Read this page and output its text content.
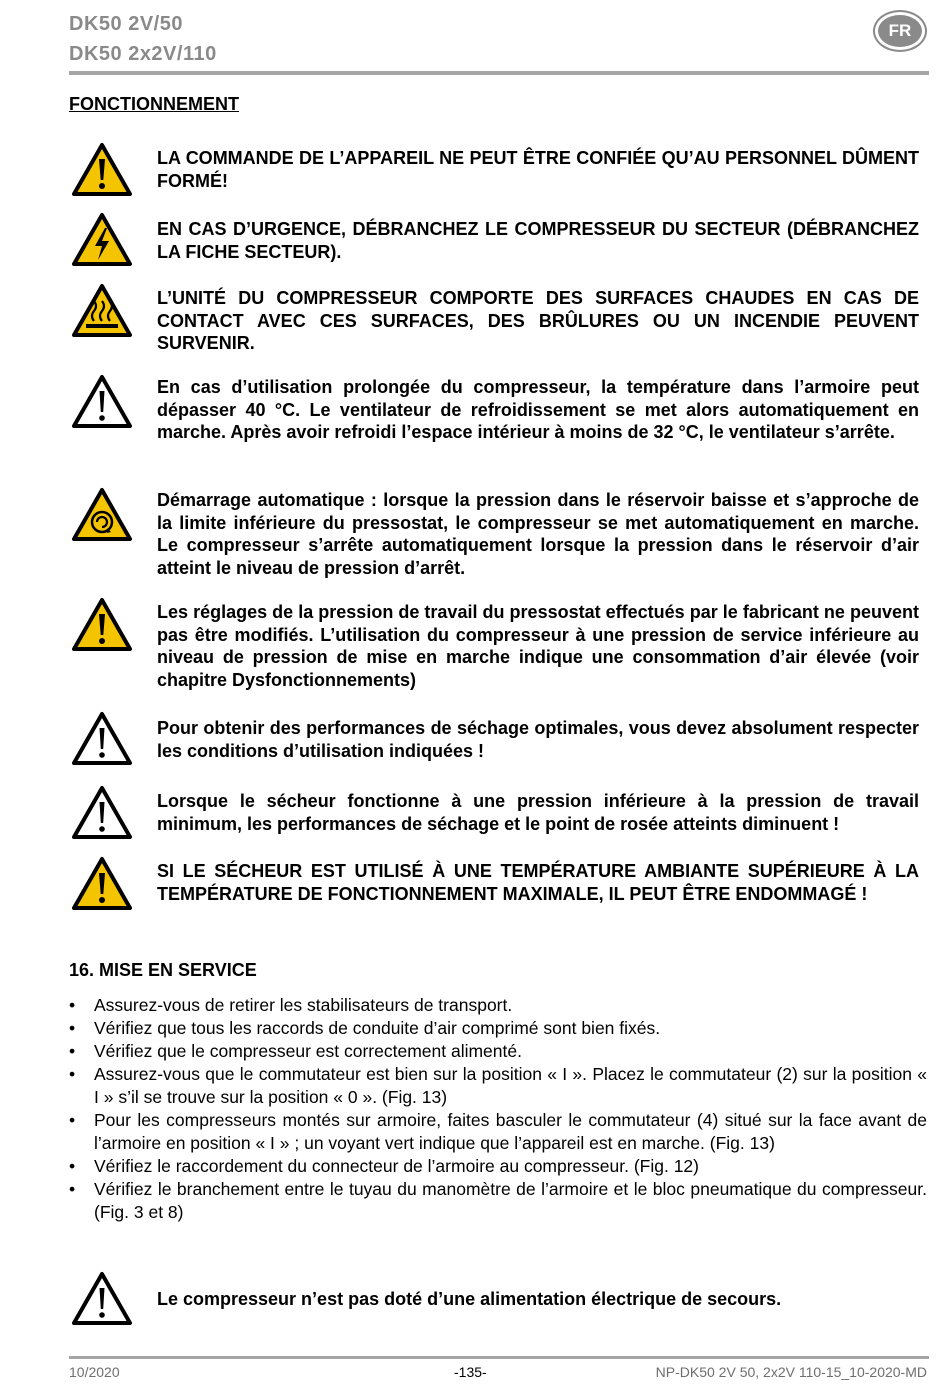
DK50 2V/50
DK50 2x2V/110
FR
FONCTIONNEMENT
LA COMMANDE DE L’APPAREIL NE PEUT ÊTRE CONFIÉE QU’AU PERSONNEL DÛMENT FORMÉ!
EN CAS D’URGENCE, DÉBRANCHEZ LE COMPRESSEUR DU SECTEUR (DÉBRANCHEZ LA FICHE SECTEUR).
L’UNITÉ DU COMPRESSEUR COMPORTE DES SURFACES CHAUDES EN CAS DE CONTACT AVEC CES SURFACES, DES BRÛLURES OU UN INCENDIE PEUVENT SURVENIR.
En cas d’utilisation prolongée du compresseur, la température dans l’armoire peut dépasser 40 °C. Le ventilateur de refroidissement se met alors automatiquement en marche. Après avoir refroidi l’espace intérieur à moins de 32 °C, le ventilateur s’arrête.
Démarrage automatique : lorsque la pression dans le réservoir baisse et s’approche de la limite inférieure du pressostat, le compresseur se met automatiquement en marche. Le compresseur s’arrête automatiquement lorsque la pression dans le réservoir d’air atteint le niveau de pression d’arrêt.
Les réglages de la pression de travail du pressostat effectués par le fabricant ne peuvent pas être modifiés. L’utilisation du compresseur à une pression de service inférieure au niveau de pression de mise en marche indique une consommation d’air élevée (voir chapitre Dysfonctionnements)
Pour obtenir des performances de séchage optimales, vous devez absolument respecter les conditions d’utilisation indiquées !
Lorsque le sécheur fonctionne à une pression inférieure à la pression de travail minimum, les performances de séchage et le point de rosée atteints diminuent !
SI LE SÉCHEUR EST UTILISÉ À UNE TEMPÉRATURE AMBIANTE SUPÉRIEURE À LA TEMPÉRATURE DE FONCTIONNEMENT MAXIMALE, IL PEUT ÊTRE ENDOMMAGÉ !
16. MISE EN SERVICE
• Assurez-vous de retirer les stabilisateurs de transport.
• Vérifiez que tous les raccords de conduite d’air comprimé sont bien fixés.
• Vérifiez que le compresseur est correctement alimenté.
• Assurez-vous que le commutateur est bien sur la position « I ». Placez le commutateur (2) sur la position « I » s’il se trouve sur la position « 0 ». (Fig. 13)
• Pour les compresseurs montés sur armoire, faites basculer le commutateur (4) situé sur la face avant de l’armoire en position « I » ; un voyant vert indique que l’appareil est en marche. (Fig. 13)
• Vérifiez le raccordement du connecteur de l’armoire au compresseur. (Fig. 12)
• Vérifiez le branchement entre le tuyau du manomètre de l’armoire et le bloc pneumatique du compresseur. (Fig. 3 et 8)
Le compresseur n’est pas doté d’une alimentation électrique de secours.
10/2020	-135-	NP-DK50 2V 50, 2x2V 110-15_10-2020-MD
